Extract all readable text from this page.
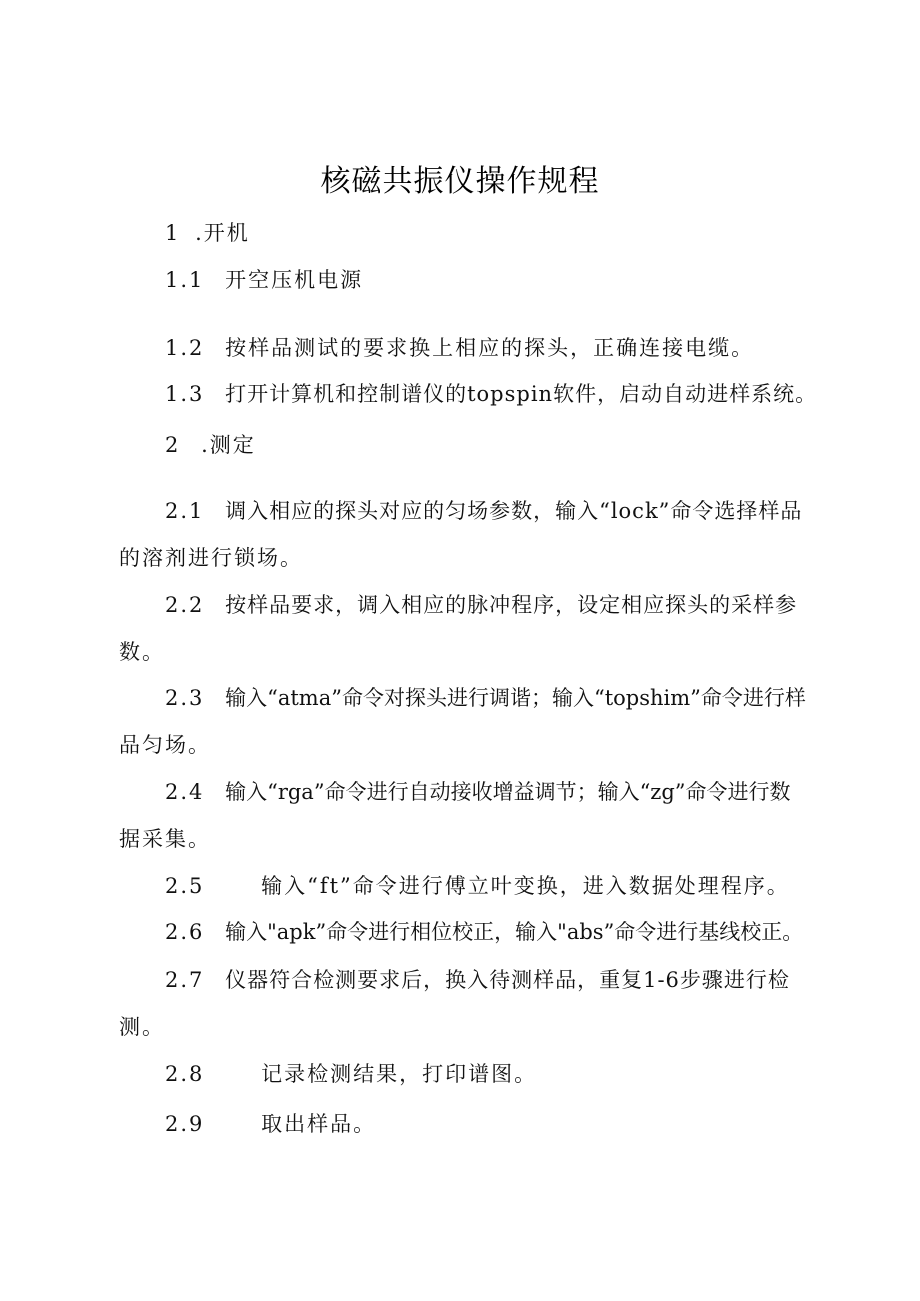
核磁共振仪操作规程
1 .开机
1.1 开空压机电源
1.2 按样品测试的要求换上相应的探头，正确连接电缆。
1.3 打开计算机和控制谱仪的topspin软件，启动自动进样系统。
2 .测定
2.1 调入相应的探头对应的匀场参数，输入“lock”命令选择样品
的溶剂进行锁场。
2.2 按样品要求，调入相应的脉冲程序，设定相应探头的采样参
数。
2.3 输入“atma”命令对探头进行调谐；输入“topshim”命令进行样
品匀场。
2.4 输入“rga”命令进行自动接收增益调节；输入“zg”命令进行数
据采集。
2.5	输入“ft”命令进行傅立叶变换，进入数据处理程序。
2.6 输入"apk”命令进行相位校正，输入"abs”命令进行基线校正。
2.7 仪器符合检测要求后，换入待测样品，重复1-6步骤进行检
测。
2.8	记录检测结果，打印谱图。
2.9	取出样品。
